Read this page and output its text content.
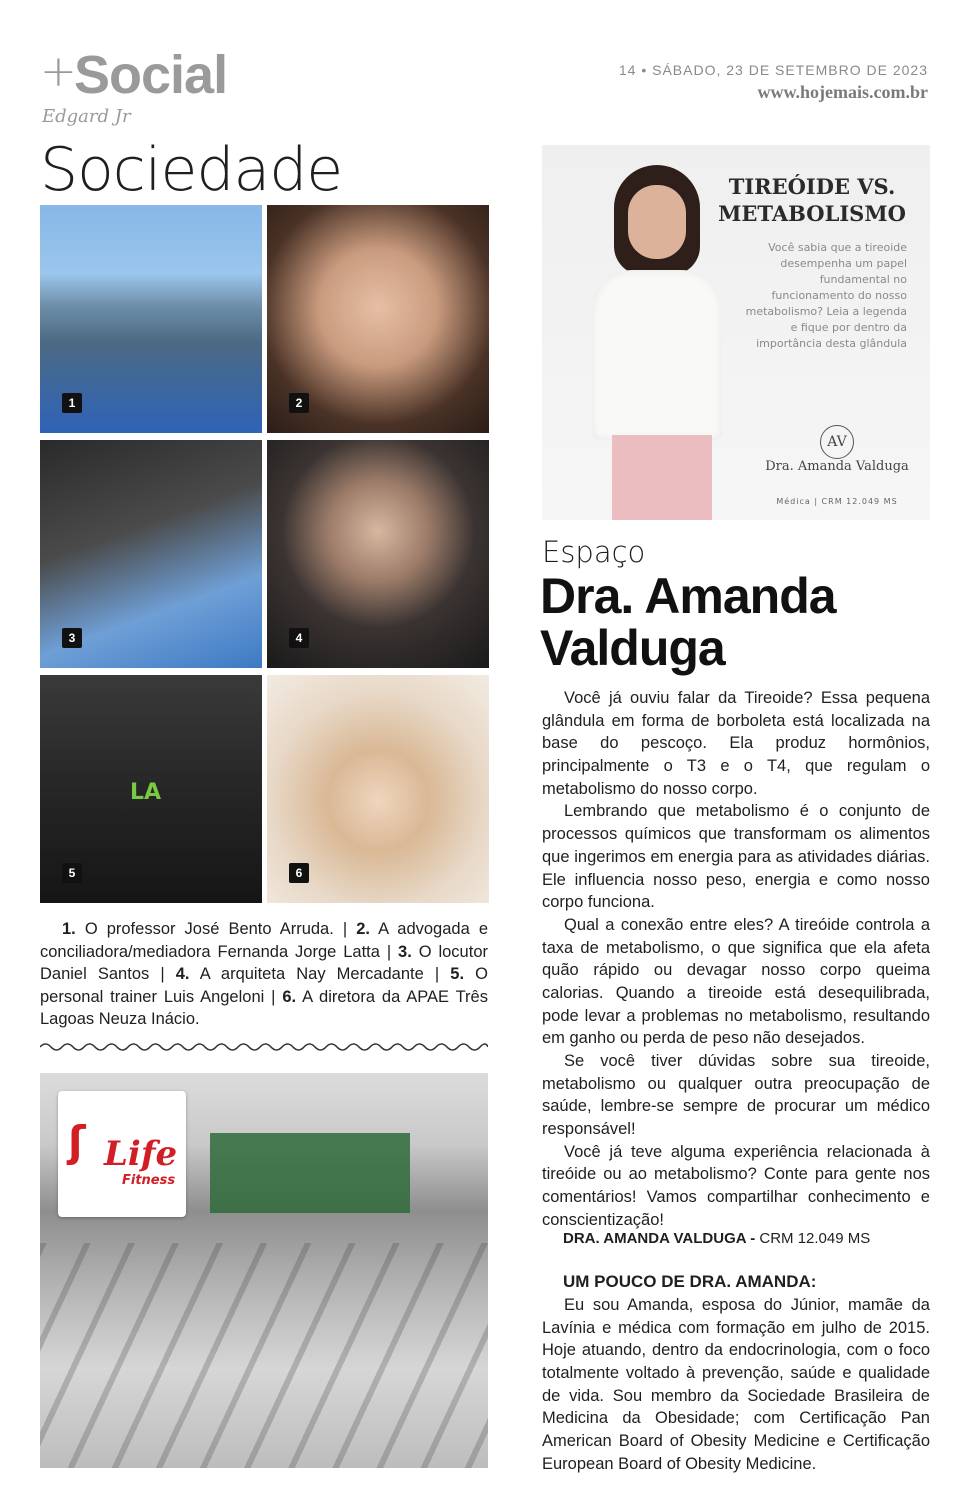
+
Social
Edgard Jr
14 • SÁBADO, 23 DE SETEMBRO DE 2023
www.hojemais.com.br
Sociedade
1	2
3	4
LA
5	6
1. O professor José Bento Arruda. | 2. A advogada e conciliadora/mediadora Fernanda Jorge Latta | 3. O locutor Daniel Santos | 4. A arquiteta Nay Mercadante | 5. O personal trainer Luis Angeloni | 6. A diretora da APAE Três Lagoas Neuza Inácio.
ʃ Life
Fitness
TIREÓIDE VS.
METABOLISMO
Você sabia que a tireoide desempenha um papel fundamental no funcionamento do nosso metabolismo? Leia a legenda e fique por dentro da importância desta glândula
AV
Dra. Amanda Valduga
Médica | CRM 12.049 MS
Espaço
Dra. Amanda Valduga

Você já ouviu falar da Tireoide? Essa pequena glândula em forma de borboleta está localizada na base do pescoço. Ela produz hormônios, principalmente o T3 e o T4, que regulam o metabolismo do nosso corpo.

Lembrando que metabolismo é o conjunto de processos químicos que transformam os alimentos que ingerimos em energia para as atividades diárias. Ele influencia nosso peso, energia e como nosso corpo funciona.

Qual a conexão entre eles? A tireóide controla a taxa de metabolismo, o que significa que ela afeta quão rápido ou devagar nosso corpo queima calorias. Quando a tireoide está desequilibrada, pode levar a problemas no metabolismo, resultando em ganho ou perda de peso não desejados.

Se você tiver dúvidas sobre sua tireoide, metabolismo ou qualquer outra preocupação de saúde, lembre-se sempre de procurar um médico responsável!

Você já teve alguma experiência relacionada à tireóide ou ao metabolismo? Conte para gente nos comentários! Vamos compartilhar conhecimento e conscientização!

DRA. AMANDA VALDUGA - CRM 12.049 MS
UM POUCO DE DRA. AMANDA:
Eu sou Amanda, esposa do Júnior, mamãe da Lavínia e médica com formação em julho de 2015. Hoje atuando, dentro da endocrinologia, com o foco totalmente voltado à prevenção, saúde e qualidade de vida. Sou membro da Sociedade Brasileira de Medicina da Obesidade; com Certificação Pan American Board of Obesity Medicine e Certificação European Board of Obesity Medicine.
